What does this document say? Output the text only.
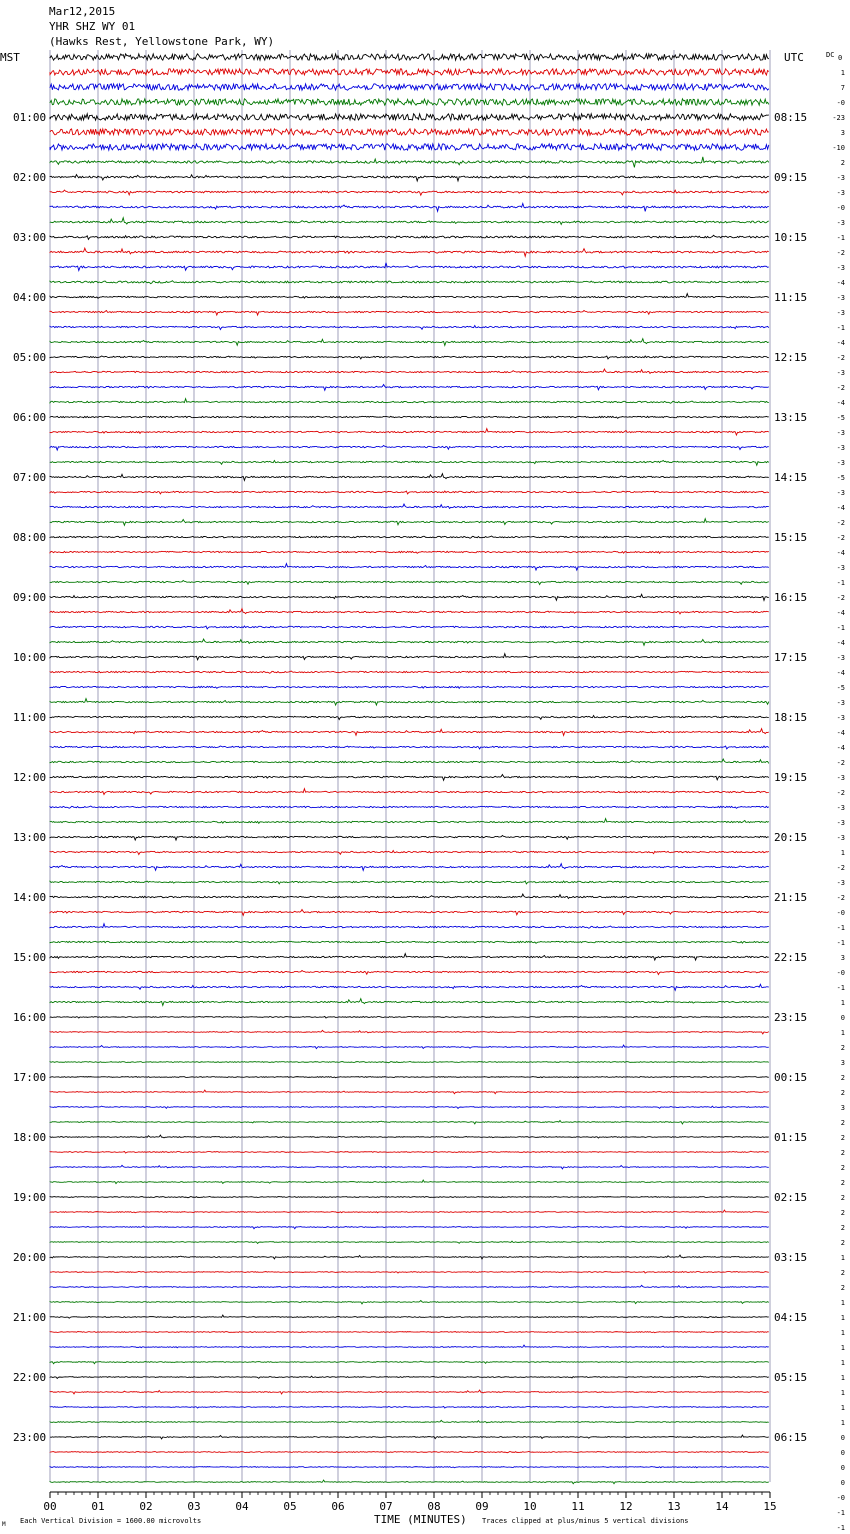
Mar12,2015
YHR SHZ WY 01
(Hawks Rest, Yellowstone Park, WY)
01:00
02:00
03:00
04:00
05:00
06:00
07:00
08:00
09:00
10:00
11:00
12:00
13:00
14:00
15:00
16:00
17:00
18:00
19:00
20:00
21:00
22:00
23:00
08:15
09:15
10:15
11:15
12:15
13:15
14:15
15:15
16:15
17:15
18:15
19:15
20:15
21:15
22:15
23:15
00:15
01:15
02:15
03:15
04:15
05:15
06:15
1
7
-0
-23
3
-10
2
-3
-3
-0
-3
-1
-2
-3
-4
-3
-3
-1
-4
-2
-3
-2
-4
-5
-3
-3
-3
-5
-3
-4
-2
-2
-4
-3
-1
-2
-4
-1
-4
-3
-4
-5
-3
-3
-4
-4
-2
-3
-2
-3
-3
-3
1
-2
-3
-2
-0
-1
-1
3
-0
-1
1
0
1
2
3
2
2
3
2
2
2
2
2
2
2
2
2
1
2
2
1
1
1
1
1
1
1
1
1
0
0
0
0
-0
-1
-1
00	01	02	03	04	05	06	07	08	09	10	11	12	13	14	15
MST	UTC	DC 0
TIME (MINUTES)
Each Vertical Division = 1600.00 microvolts	Traces clipped at plus/minus 5 vertical divisions
M
